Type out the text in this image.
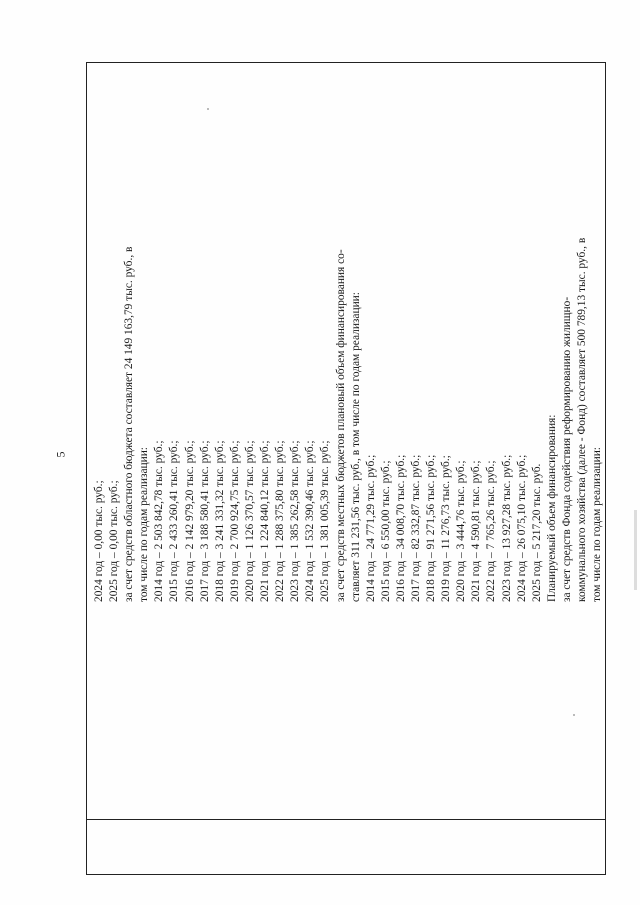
5
2024 год – 0,00 тыс. руб.; 2025 год – 0,00 тыс. руб.; за счет средств областного бюджета составляет 24 149 163,79 тыс. руб., в том числе по годам реализации: 2014 год – 2 503 842,78 тыс. руб.; 2015 год – 2 433 260,41 тыс. руб.; 2016 год – 2 142 979,20 тыс. руб.; 2017 год – 3 188 580,41 тыс. руб.; 2018 год – 3 241 331,32 тыс. руб.; 2019 год – 2 700 924,75 тыс. руб.; 2020 год – 1 126 370,57 тыс. руб.; 2021 год – 1 224 840,12 тыс. руб.; 2022 год – 1 288 375,80 тыс. руб.; 2023 год – 1 385 262,58 тыс. руб.; 2024 год – 1 532 390,46 тыс. руб.; 2025 год – 1 381 005,39 тыс. руб.; за счет средств местных бюджетов плановый объем финансирования со- ставляет 311 231,56 тыс. руб., в том числе по годам реализации: 2014 год – 24 771,29 тыс. руб.; 2015 год – 6 550,00 тыс. руб.; 2016 год – 34 008,70 тыс. руб.; 2017 год – 82 332,87 тыс. руб.; 2018 год – 91 271,56 тыс. руб.; 2019 год – 11 276,73 тыс. руб.; 2020 год – 3 444,76 тыс. руб.; 2021 год – 4 590,81 тыс. руб.; 2022 год – 7 765,26 тыс. руб.; 2023 год – 13 927,28 тыс. руб.; 2024 год – 26 075,10 тыс. руб.; 2025 год – 5 217,20 тыс. руб. Планируемый объем финансирования: за счет средств Фонда содействия реформированию жилищно- коммунального хозяйства (далее - Фонд) составляет 500 789,13 тыс. руб., в том числе по годам реализации:
